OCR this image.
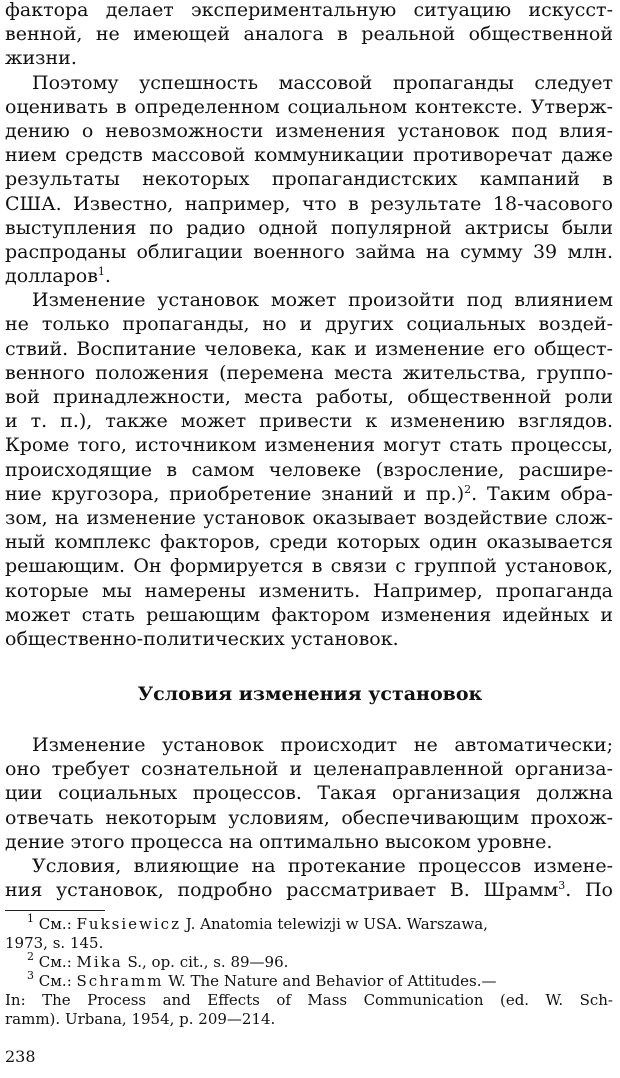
фактора делает экспериментальную ситуацию искусст-
венной, не имеющей аналога в реальной общественной
жизни.
Поэтому успешность массовой пропаганды следует
оценивать в определенном социальном контексте. Утверж-
дению о невозможности изменения установок под влия-
нием средств массовой коммуникации противоречат даже
результаты некоторых пропагандистских кампаний в
США. Известно, например, что в результате 18-часового
выступления по радио одной популярной актрисы были
распроданы облигации военного займа на сумму 39 млн.
долларов$^1$.
Изменение установок может произойти под влиянием
не только пропаганды, но и других социальных воздей-
ствий. Воспитание человека, как и изменение его общест-
венного положения (перемена места жительства, группо-
вой принадлежности, места работы, общественной роли
и т. п.), также может привести к изменению взглядов.
Кроме того, источником изменения могут стать процессы,
происходящие в самом человеке (взросление, расшире-
ние кругозора, приобретение знаний и пр.)$^2$. Таким обра-
зом, на изменение установок оказывает воздействие слож-
ный комплекс факторов, среди которых один оказывается
решающим. Он формируется в связи с группой установок,
которые мы намерены изменить. Например, пропаганда
может стать решающим фактором изменения идейных и
общественно-политических установок.
Условия изменения установок
Изменение установок происходит не автоматически;
оно требует сознательной и целенаправленной организа-
ции социальных процессов. Такая организация должна
отвечать некоторым условиям, обеспечивающим прохож-
дение этого процесса на оптимально высоком уровне.
Условия, влияющие на протекание процессов измене-
ния установок, подробно рассматривает В. Шрамм$^3$. По
$^1$ См.: Fuksiewicz J. Anatomia telewizji w USA. Warszawa,
1973, s. 145.
$^2$ См.: Mika S., op. cit., s. 89—96.
$^3$ См.: Schramm W. The Nature and Behavior of Attitudes.—
In: The Process and Effects of Mass Communication (ed. W. Sch-
ramm). Urbana, 1954, p. 209—214.
238
